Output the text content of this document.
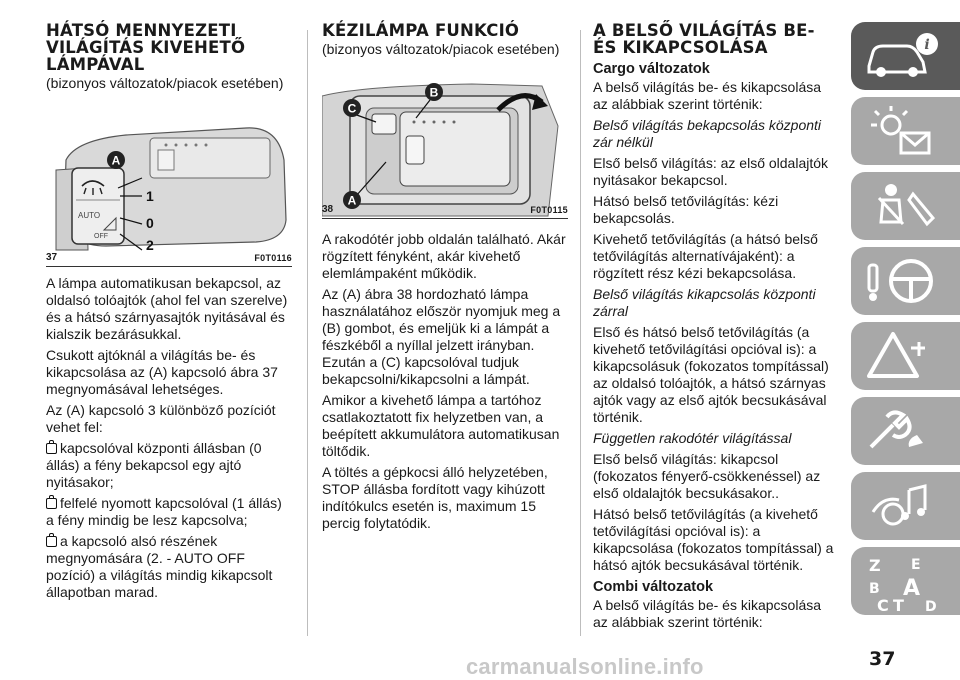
HÁTSÓ MENNYEZETI
VILÁGÍTÁS KIVEHETŐ
LÁMPÁVAL
(bizonyos változatok/piacok esetében)
AUTO
OFF
A
1
0
2
37	F0T0116

A lámpa automatikusan bekapcsol, az oldalsó tolóajtók (ahol fel van szerelve) és a hátsó szárnyasajtók nyitásával és kialszik bezárásukkal.

Csukott ajtóknál a világítás be- és kikapcsolása az (A) kapcsoló ábra 37 megnyomásával lehetséges.

Az (A) kapcsoló 3 különböző pozíciót vehet fel:

kapcsolóval központi állásban (0 állás) a fény bekapcsol egy ajtó nyitásakor;

felfelé nyomott kapcsolóval (1 állás) a fény mindig be lesz kapcsolva;

a kapcsoló alsó részének megnyomására (2. - AUTO OFF pozíció) a világítás mindig kikapcsolt állapotban marad.

KÉZILÁMPA FUNKCIÓ
(bizonyos változatok/piacok esetében)
C
B
A
38	F0T0115

A rakodótér jobb oldalán található. Akár rögzített fényként, akár kivehető elemlámpaként működik.

Az (A) ábra 38 hordozható lámpa használatához először nyomjuk meg a (B) gombot, és emeljük ki a lámpát a fészkéből a nyíllal jelzett irányban. Ezután a (C) kapcsolóval tudjuk bekapcsolni/kikapcsolni a lámpát.

Amikor a kivehető lámpa a tartóhoz csatlakoztatott fix helyzetben van, a beépített akkumulátora automatikusan töltődik.

A töltés a gépkocsi álló helyzetében, STOP állásba fordított vagy kihúzott indítókulcs esetén is, maximum 15 percig folytatódik.

A BELSŐ VILÁGÍTÁS BE-
ÉS KIKAPCSOLÁSA
Cargo változatok

A belső világítás be- és kikapcsolása az alábbiak szerint történik:

Belső világítás bekapcsolás központi zár nélkül

Első belső világítás: az első oldalajtók nyitásakor bekapcsol.

Hátsó belső tetővilágítás: kézi bekapcsolás.

Kivehető tetővilágítás (a hátsó belső tetővilágítás alternatívájaként): a rögzített rész kézi bekapcsolása.

Belső világítás kikapcsolás központi zárral

Első és hátsó belső tetővilágítás (a kivehető tetővilágítási opcióval is): a kikapcsolásuk (fokozatos tompítással) az oldalsó tolóajtók, a hátsó szárnyas ajtók vagy az első ajtók becsukásával történik.

Független rakodótér világítással

Első belső világítás: kikapcsol (fokozatos fényerő-csökkenéssel) az első oldalajtók becsukásakor..

Hátsó belső tetővilágítás (a kivehető tetővilágítási opcióval is): a kikapcsolása (fokozatos tompítással) a hátsó ajtók becsukásával történik.

Combi változatok

A belső világítás be- és kikapcsolása az alábbiak szerint történik:

i
Z E
B A
C T D
37
carmanualsonline.info
